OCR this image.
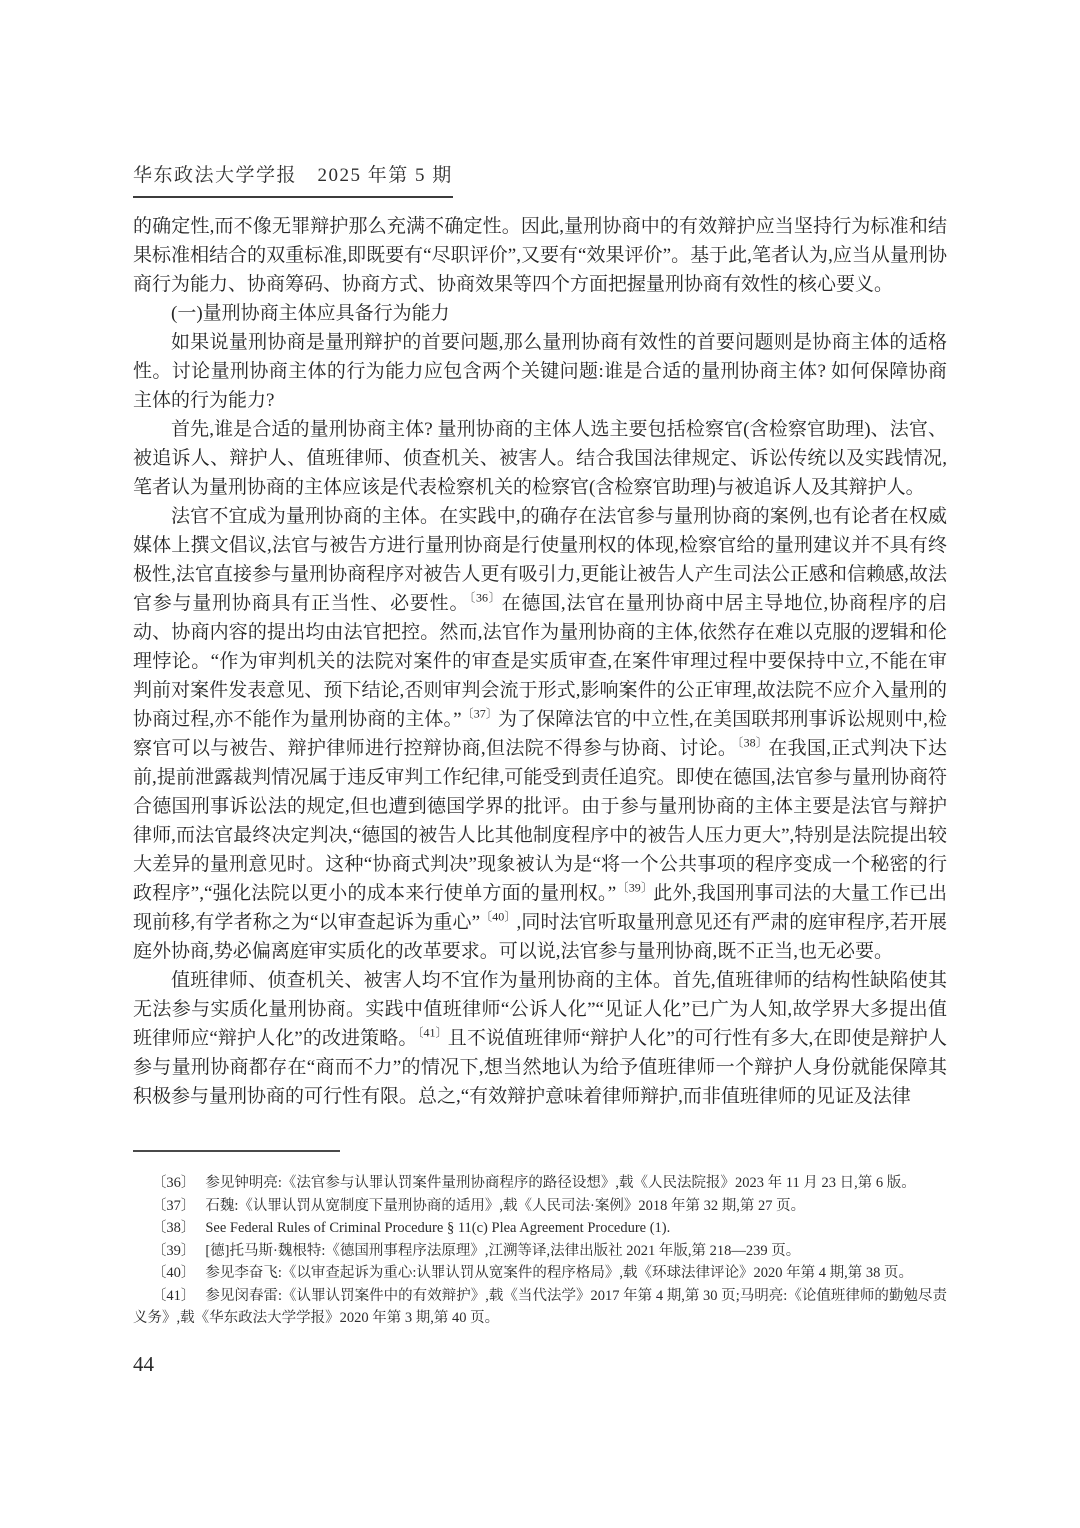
华东政法大学学报　2025 年第 5 期

的确定性,而不像无罪辩护那么充满不确定性。因此,量刑协商中的有效辩护应当坚持行为标准和结果标准相结合的双重标准,即既要有“尽职评价”,又要有“效果评价”。基于此,笔者认为,应当从量刑协商行为能力、协商筹码、协商方式、协商效果等四个方面把握量刑协商有效性的核心要义。

(一)量刑协商主体应具备行为能力

如果说量刑协商是量刑辩护的首要问题,那么量刑协商有效性的首要问题则是协商主体的适格性。讨论量刑协商主体的行为能力应包含两个关键问题:谁是合适的量刑协商主体? 如何保障协商主体的行为能力?

首先,谁是合适的量刑协商主体? 量刑协商的主体人选主要包括检察官(含检察官助理)、法官、被追诉人、辩护人、值班律师、侦查机关、被害人。结合我国法律规定、诉讼传统以及实践情况,笔者认为量刑协商的主体应该是代表检察机关的检察官(含检察官助理)与被追诉人及其辩护人。

法官不宜成为量刑协商的主体。在实践中,的确存在法官参与量刑协商的案例,也有论者在权威媒体上撰文倡议,法官与被告方进行量刑协商是行使量刑权的体现,检察官给的量刑建议并不具有终极性,法官直接参与量刑协商程序对被告人更有吸引力,更能让被告人产生司法公正感和信赖感,故法官参与量刑协商具有正当性、必要性。$^{〔36〕}$在德国,法官在量刑协商中居主导地位,协商程序的启动、协商内容的提出均由法官把控。然而,法官作为量刑协商的主体,依然存在难以克服的逻辑和伦理悖论。“作为审判机关的法院对案件的审查是实质审查,在案件审理过程中要保持中立,不能在审判前对案件发表意见、预下结论,否则审判会流于形式,影响案件的公正审理,故法院不应介入量刑的协商过程,亦不能作为量刑协商的主体。”$^{〔37〕}$为了保障法官的中立性,在美国联邦刑事诉讼规则中,检察官可以与被告、辩护律师进行控辩协商,但法院不得参与协商、讨论。$^{〔38〕}$在我国,正式判决下达前,提前泄露裁判情况属于违反审判工作纪律,可能受到责任追究。即使在德国,法官参与量刑协商符合德国刑事诉讼法的规定,但也遭到德国学界的批评。由于参与量刑协商的主体主要是法官与辩护律师,而法官最终决定判决,“德国的被告人比其他制度程序中的被告人压力更大”,特别是法院提出较大差异的量刑意见时。这种“协商式判决”现象被认为是“将一个公共事项的程序变成一个秘密的行政程序”,“强化法院以更小的成本来行使单方面的量刑权。”$^{〔39〕}$此外,我国刑事司法的大量工作已出现前移,有学者称之为“以审查起诉为重心”$^{〔40〕}$,同时法官听取量刑意见还有严肃的庭审程序,若开展庭外协商,势必偏离庭审实质化的改革要求。可以说,法官参与量刑协商,既不正当,也无必要。

值班律师、侦查机关、被害人均不宜作为量刑协商的主体。首先,值班律师的结构性缺陷使其无法参与实质化量刑协商。实践中值班律师“公诉人化”“见证人化”已广为人知,故学界大多提出值班律师应“辩护人化”的改进策略。$^{〔41〕}$且不说值班律师“辩护人化”的可行性有多大,在即使是辩护人参与量刑协商都存在“商而不力”的情况下,想当然地认为给予值班律师一个辩护人身份就能保障其积极参与量刑协商的可行性有限。总之,“有效辩护意味着律师辩护,而非值班律师的见证及法律

〔36〕 参见钟明亮:《法官参与认罪认罚案件量刑协商程序的路径设想》,载《人民法院报》2023 年 11 月 23 日,第 6 版。

〔37〕 石魏:《认罪认罚从宽制度下量刑协商的适用》,载《人民司法·案例》2018 年第 32 期,第 27 页。

〔38〕 See Federal Rules of Criminal Procedure § 11(c) Plea Agreement Procedure (1).

〔39〕 [德]托马斯·魏根特:《德国刑事程序法原理》,江溯等译,法律出版社 2021 年版,第 218—239 页。

〔40〕 参见李奋飞:《以审查起诉为重心:认罪认罚从宽案件的程序格局》,载《环球法律评论》2020 年第 4 期,第 38 页。

〔41〕 参见闵春雷:《认罪认罚案件中的有效辩护》,载《当代法学》2017 年第 4 期,第 30 页;马明亮:《论值班律师的勤勉尽责义务》,载《华东政法大学学报》2020 年第 3 期,第 40 页。

44
